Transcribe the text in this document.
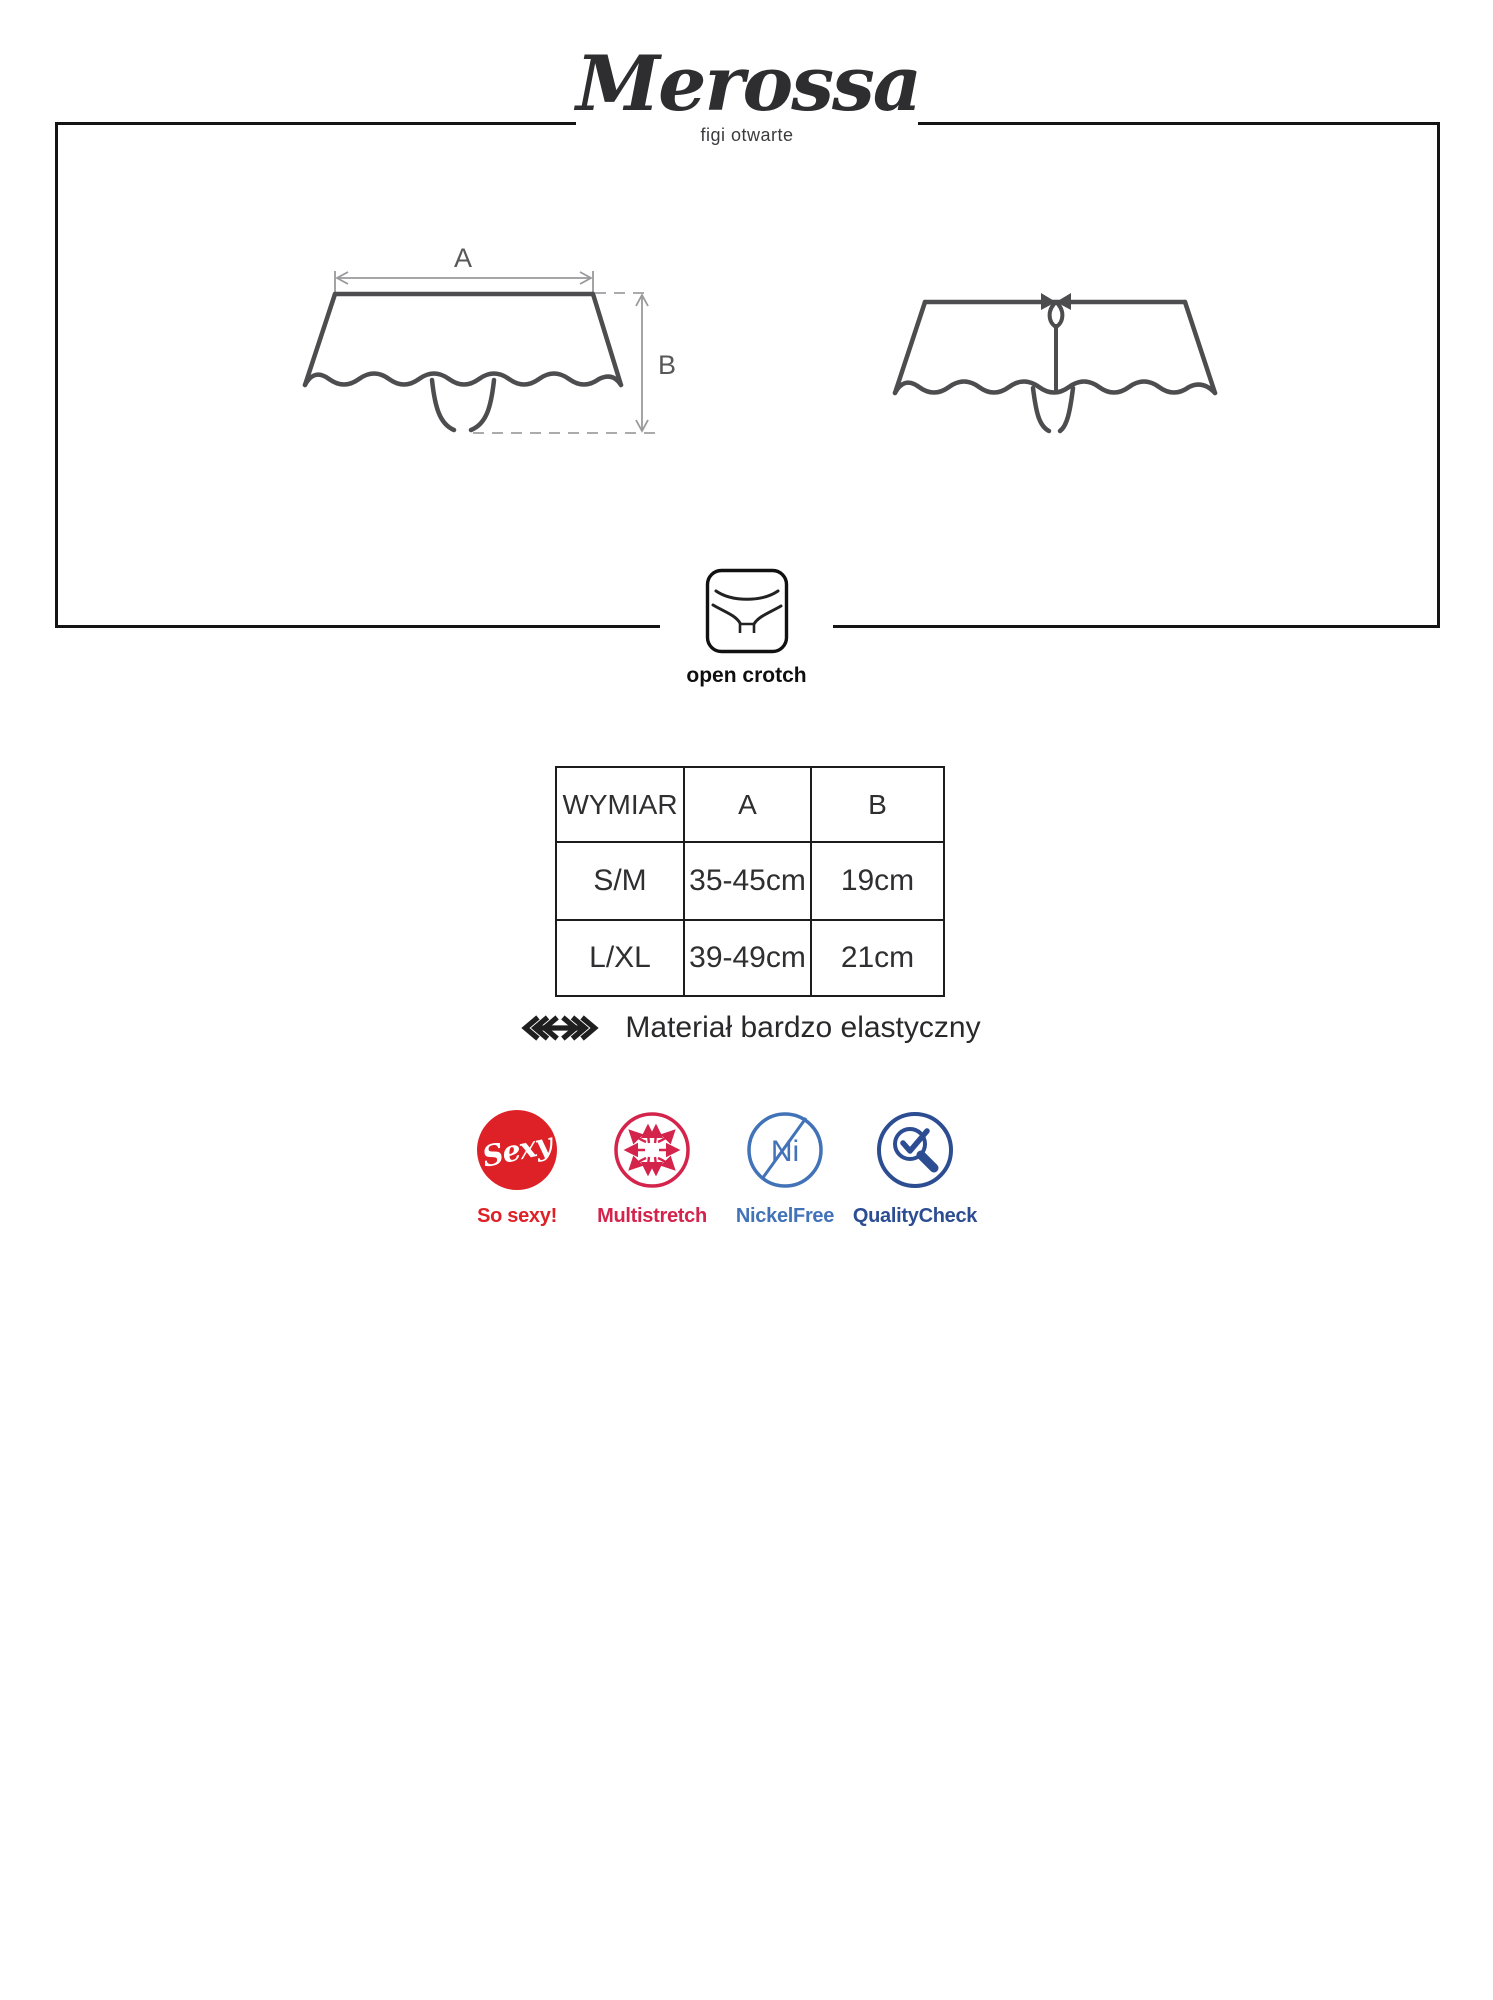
Merossa
figi otwarte
A
B
open crotch
WYMIAR	A	B
S/M	35-45cm	19cm
L/XL	39-49cm	21cm
Materiał bardzo elastyczny
Sexy
So sexy!	Multistretch
Ni
NickelFree QualityCheck
